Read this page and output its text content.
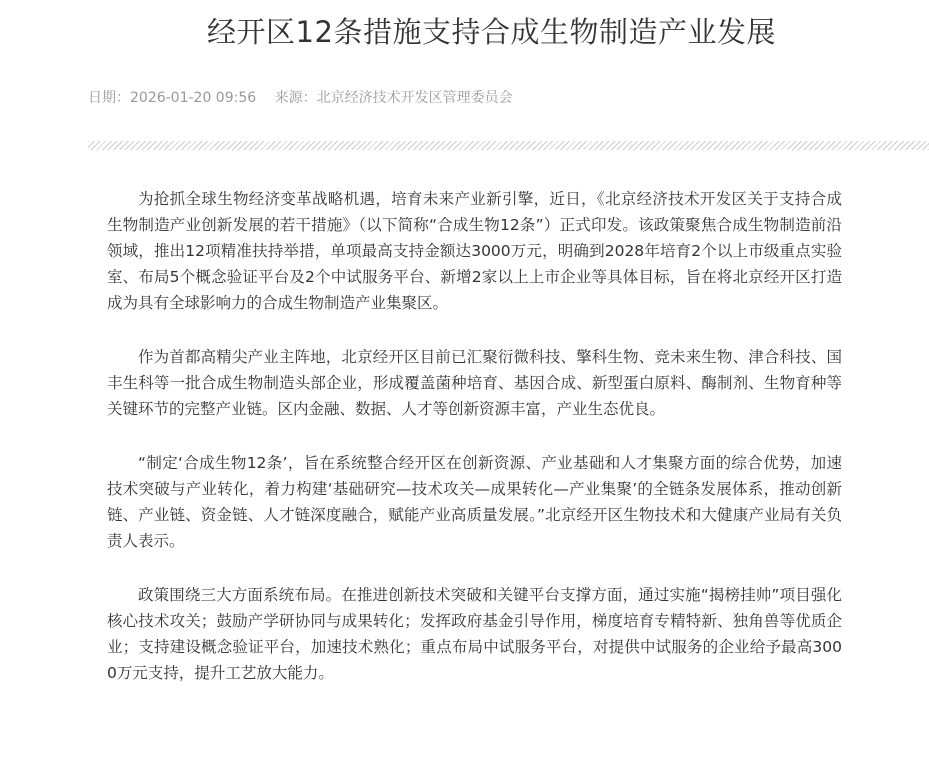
经开区12条措施支持合成生物制造产业发展
日期：2026-01-20 09:56 来源：北京经济技术开发区管理委员会

为抢抓全球生物经济变革战略机遇，培育未来产业新引擎，近日，《北京经济技术开发区关于支持合成生物制造产业创新发展的若干措施》（以下简称“合成生物12条”）正式印发。该政策聚焦合成生物制造前沿领域，推出12项精准扶持举措，单项最高支持金额达3000万元，明确到2028年培育2个以上市级重点实验室、布局5个概念验证平台及2个中试服务平台、新增2家以上上市企业等具体目标，旨在将北京经开区打造成为具有全球影响力的合成生物制造产业集聚区。

作为首都高精尖产业主阵地，北京经开区目前已汇聚衍微科技、擎科生物、竞未来生物、津合科技、国丰生科等一批合成生物制造头部企业，形成覆盖菌种培育、基因合成、新型蛋白原料、酶制剂、生物育种等关键环节的完整产业链。区内金融、数据、人才等创新资源丰富，产业生态优良。

“制定‘合成生物12条’，旨在系统整合经开区在创新资源、产业基础和人才集聚方面的综合优势，加速技术突破与产业转化，着力构建‘基础研究—技术攻关—成果转化—产业集聚’的全链条发展体系，推动创新链、产业链、资金链、人才链深度融合，赋能产业高质量发展。”北京经开区生物技术和大健康产业局有关负责人表示。

政策围绕三大方面系统布局。在推进创新技术突破和关键平台支撑方面，通过实施“揭榜挂帅”项目强化核心技术攻关；鼓励产学研协同与成果转化；发挥政府基金引导作用，梯度培育专精特新、独角兽等优质企业；支持建设概念验证平台，加速技术熟化；重点布局中试服务平台，对提供中试服务的企业给予最高3000万元支持，提升工艺放大能力。
